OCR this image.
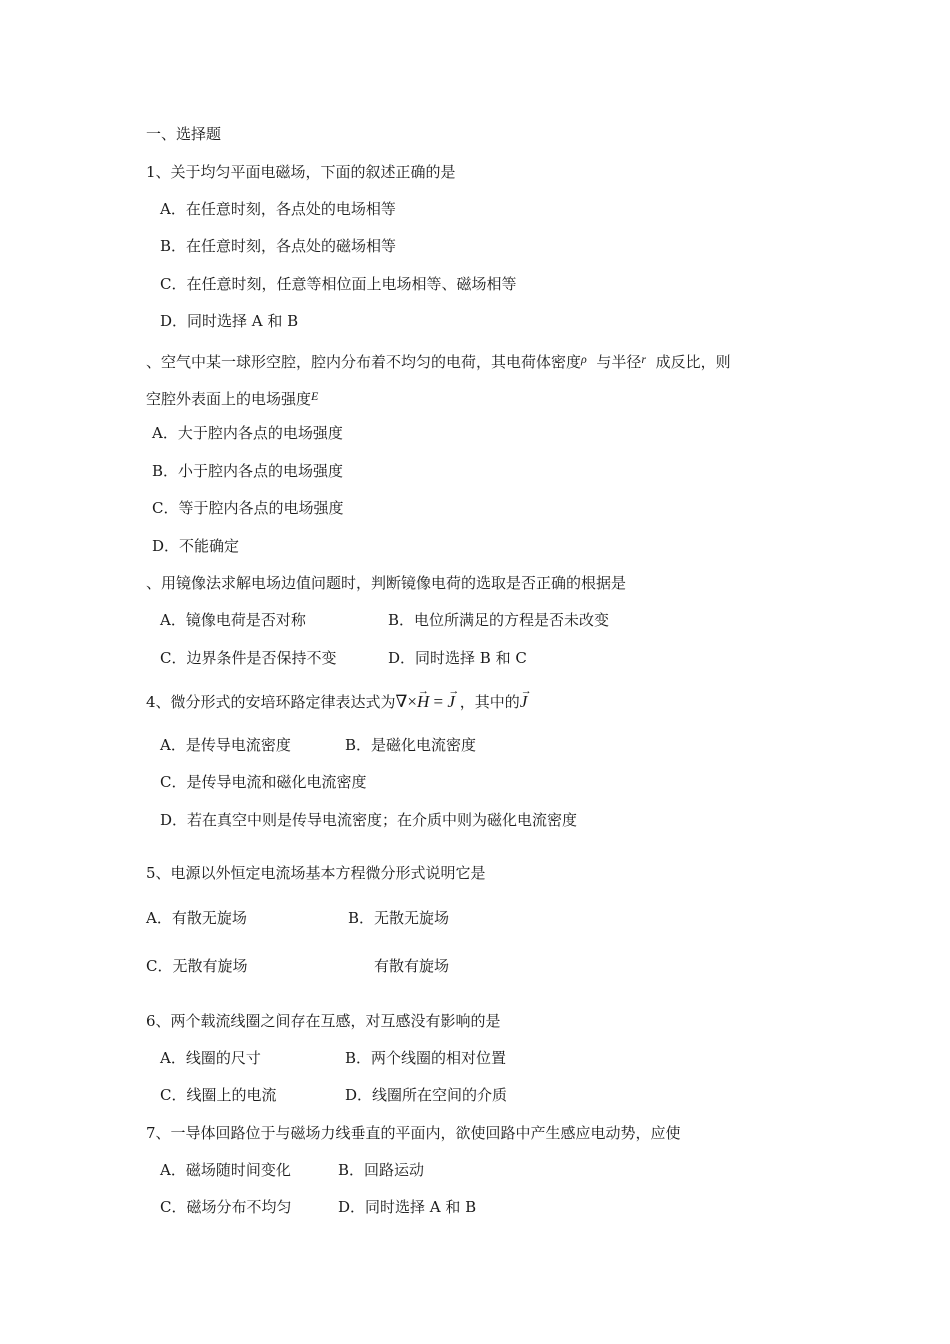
一、选择题
1、关于均匀平面电磁场，下面的叙述正确的是
A．在任意时刻，各点处的电场相等
B．在任意时刻，各点处的磁场相等
C．在任意时刻，任意等相位面上电场相等、磁场相等
D．同时选择 A 和 B
、空气中某一球形空腔，腔内分布着不均匀的电荷，其电荷体密度$^\rho$ 与半径$^r$ 成反比，则
空腔外表面上的电场强度$^E$
A．大于腔内各点的电场强度
B．小于腔内各点的电场强度
C．等于腔内各点的电场强度
D．不能确定
、用镜像法求解电场边值问题时，判断镜像电荷的选取是否正确的根据是
A．镜像电荷是否对称	B．电位所满足的方程是否未改变
C．边界条件是否保持不变	D．同时选择 B 和 C
4、微分形式的安培环路定律表达式为∇×→ H = → J ，其中的→ J
A．是传导电流密度	B．是磁化电流密度
C．是传导电流和磁化电流密度
D．若在真空中则是传导电流密度；在介质中则为磁化电流密度
5、电源以外恒定电流场基本方程微分形式说明它是
A．有散无旋场	B．无散无旋场
C．无散有旋场	有散有旋场
6、两个载流线圈之间存在互感，对互感没有影响的是
A．线圈的尺寸	B．两个线圈的相对位置
C．线圈上的电流	D．线圈所在空间的介质
7、一导体回路位于与磁场力线垂直的平面内，欲使回路中产生感应电动势，应使
A．磁场随时间变化	B．回路运动
C．磁场分布不均匀	D．同时选择 A 和 B
